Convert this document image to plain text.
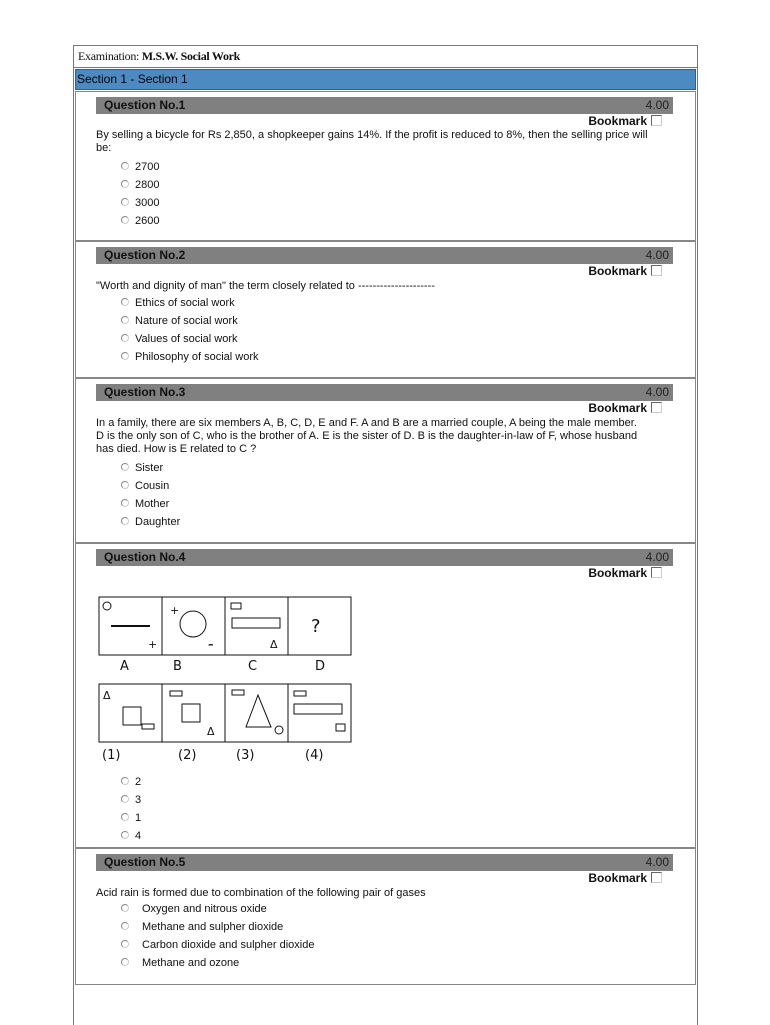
Examination: M.S.W. Social Work
Section 1 - Section 1
Question No.1	4.00
Bookmark
By selling a bicycle for Rs 2,850, a shopkeeper gains 14%. If the profit is reduced to 8%, then the selling price will be:
2700
2800
3000
2600
Question No.2	4.00
Bookmark
"Worth and dignity of man" the term closely related to ---------------------
Ethics of social work
Nature of social work
Values of social work
Philosophy of social work
Question No.3	4.00
Bookmark
In a family, there are six members A, B, C, D, E and F. A and B are a married couple, A being the male member. D is the only son of C, who is the brother of A. E is the sister of D. B is the daughter-in-law of F, whose husband has died. How is E related to C ?
Sister
Cousin
Mother
Daughter
Question No.4	4.00
Bookmark
+
+
–	Δ
Δ
Δ
?
A	B	C	D
(1)	(2)	(3)	(4)
2
3
1
4
Question No.5	4.00
Bookmark
Acid rain is formed due to combination of the following pair of gases
Oxygen and nitrous oxide
Methane and sulpher dioxide
Carbon dioxide and sulpher dioxide
Methane and ozone
